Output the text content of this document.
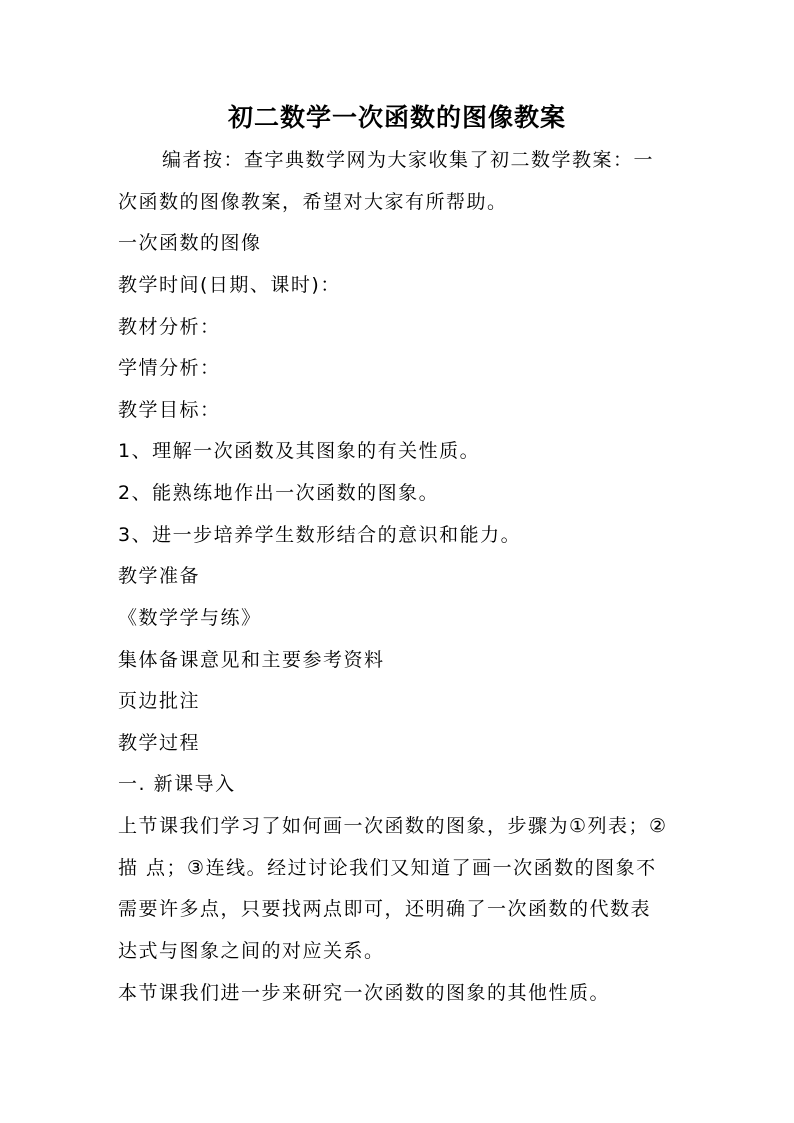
初二数学一次函数的图像教案
编者按：查字典数学网为大家收集了初二数学教案：一
次函数的图像教案，希望对大家有所帮助。
一次函数的图像
教学时间(日期、课时)：
教材分析：
学情分析：
教学目标：
1、理解一次函数及其图象的有关性质。
2、能熟练地作出一次函数的图象。
3、进一步培养学生数形结合的意识和能力。
教学准备
《数学学与练》
集体备课意见和主要参考资料
页边批注
教学过程
一. 新课导入
上节课我们学习了如何画一次函数的图象，步骤为①列表；②
描 点；③连线。经过讨论我们又知道了画一次函数的图象不
需要许多点，只要找两点即可，还明确了一次函数的代数表
达式与图象之间的对应关系。
本节课我们进一步来研究一次函数的图象的其他性质。
